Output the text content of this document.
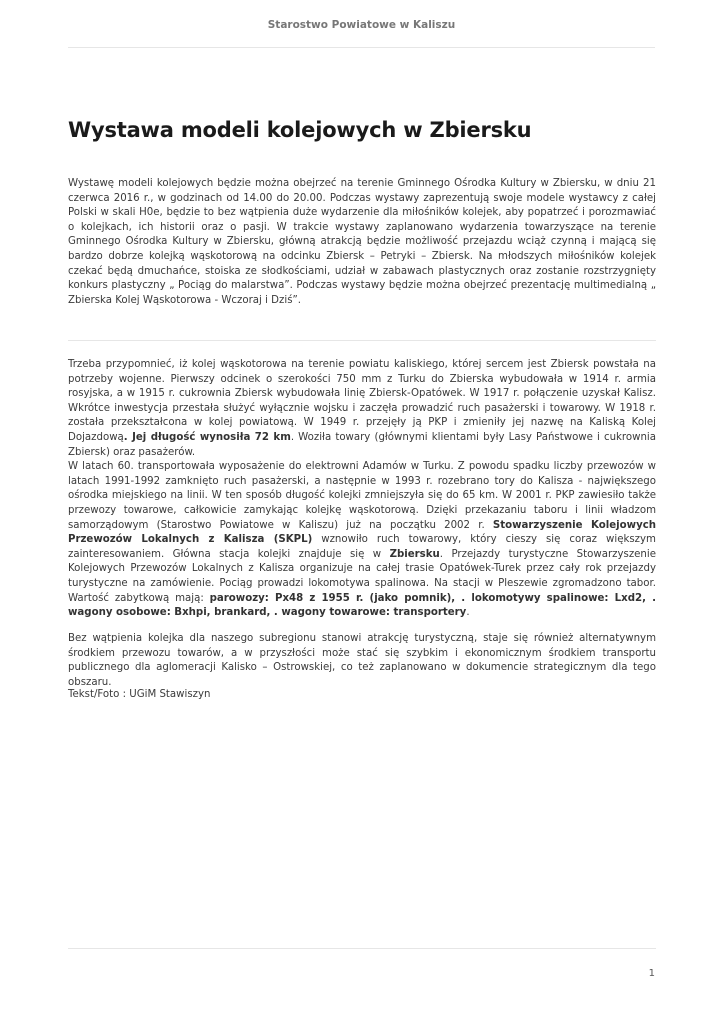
Starostwo Powiatowe w Kaliszu
Wystawa modeli kolejowych w Zbiersku

Wystawę modeli kolejowych będzie można obejrzeć na terenie Gminnego Ośrodka Kultury w Zbiersku, w dniu 21 czerwca 2016 r., w godzinach od 14.00 do 20.00. Podczas wystawy zaprezentują swoje modele wystawcy z całej Polski w skali H0e, będzie to bez wątpienia duże wydarzenie dla miłośników kolejek, aby popatrzeć i porozmawiać o kolejkach, ich historii oraz o pasji. W trakcie wystawy zaplanowano wydarzenia towarzyszące na terenie Gminnego Ośrodka Kultury w Zbiersku, główną atrakcją będzie możliwość przejazdu wciąż czynną i mającą się bardzo dobrze kolejką wąskotorową na odcinku Zbiersk – Petryki – Zbiersk. Na młodszych miłośników kolejek czekać będą dmuchańce, stoiska ze słodkościami, udział w zabawach plastycznych oraz zostanie rozstrzygnięty konkurs plastyczny „ Pociąg do malarstwa”. Podczas wystawy będzie można obejrzeć prezentację multimedialną „ Zbierska Kolej Wąskotorowa - Wczoraj i Dziś”.

Trzeba przypomnieć, iż kolej wąskotorowa na terenie powiatu kaliskiego, której sercem jest Zbiersk powstała na potrzeby wojenne. Pierwszy odcinek o szerokości 750 mm z Turku do Zbierska wybudowała w 1914 r. armia rosyjska, a w 1915 r. cukrownia Zbiersk wybudowała linię Zbiersk-Opatówek. W 1917 r. połączenie uzyskał Kalisz. Wkrótce inwestycja przestała służyć wyłącznie wojsku i zaczęła prowadzić ruch pasażerski i towarowy. W 1918 r. została przekształcona w kolej powiatową. W 1949 r. przejęły ją PKP i zmieniły jej nazwę na Kaliską Kolej Dojazdową. Jej długość wynosiła 72 km. Woziła towary (głównymi klientami były Lasy Państwowe i cukrownia Zbiersk) oraz pasażerów.

W latach 60. transportowała wyposażenie do elektrowni Adamów w Turku. Z powodu spadku liczby przewozów w latach 1991-1992 zamknięto ruch pasażerski, a następnie w 1993 r. rozebrano tory do Kalisza - największego ośrodka miejskiego na linii. W ten sposób długość kolejki zmniejszyła się do 65 km. W 2001 r. PKP zawiesiło także przewozy towarowe, całkowicie zamykając kolejkę wąskotorową. Dzięki przekazaniu taboru i linii władzom samorządowym (Starostwo Powiatowe w Kaliszu) już na początku 2002 r. Stowarzyszenie Kolejowych Przewozów Lokalnych z Kalisza (SKPL) wznowiło ruch towarowy, który cieszy się coraz większym zainteresowaniem. Główna stacja kolejki znajduje się w Zbiersku. Przejazdy turystyczne Stowarzyszenie Kolejowych Przewozów Lokalnych z Kalisza organizuje na całej trasie Opatówek-Turek przez cały rok przejazdy turystyczne na zamówienie. Pociąg prowadzi lokomotywa spalinowa. Na stacji w Pleszewie zgromadzono tabor. Wartość zabytkową mają: parowozy: Px48 z 1955 r. (jako pomnik), . lokomotywy spalinowe: Lxd2, . wagony osobowe: Bxhpi, brankard, . wagony towarowe: transportery.

Bez wątpienia kolejka dla naszego subregionu stanowi atrakcję turystyczną, staje się również alternatywnym środkiem przewozu towarów, a w przyszłości może stać się szybkim i ekonomicznym środkiem transportu publicznego dla aglomeracji Kalisko – Ostrowskiej, co też zaplanowano w dokumencie strategicznym dla tego obszaru.

Tekst/Foto : UGiM Stawiszyn

1
